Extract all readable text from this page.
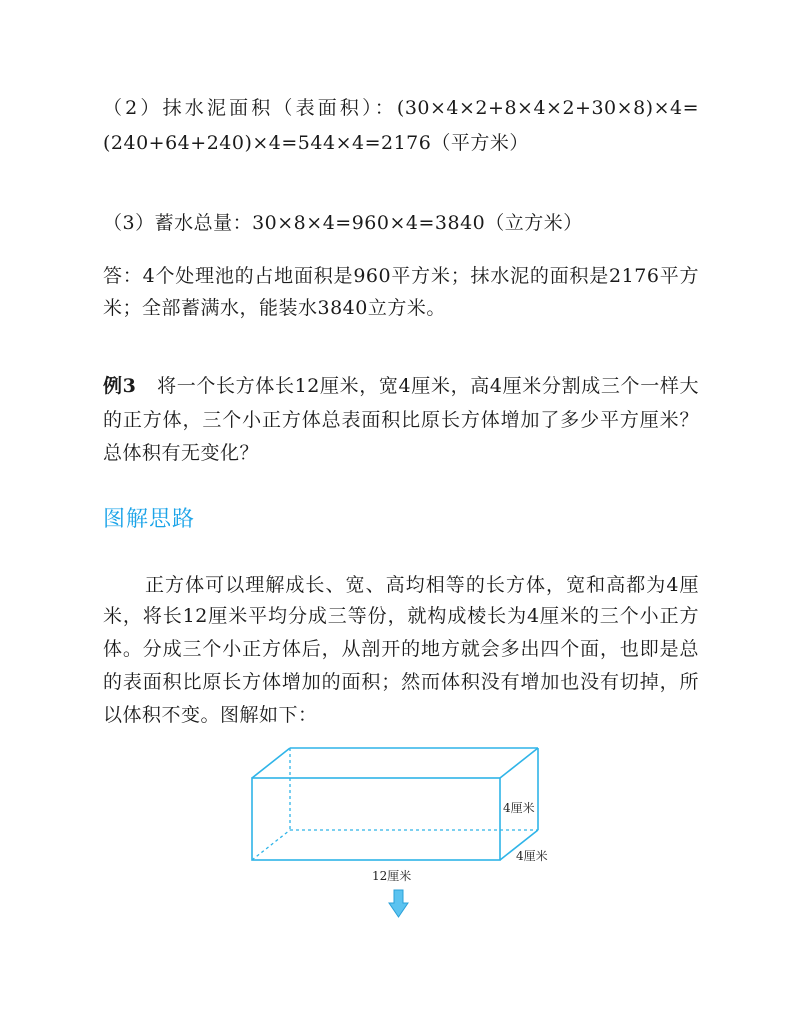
（2）抹水泥面积（表面积）：(30×4×2+8×4×2+30×8)×4=
(240+64+240)×4=544×4=2176（平方米）
（3）蓄水总量：30×8×4=960×4=3840（立方米）
答：4个处理池的占地面积是960平方米；抹水泥的面积是2176平方
米；全部蓄满水，能装水3840立方米。
例3 将一个长方体长12厘米，宽4厘米，高4厘米分割成三个一样大
的正方体，三个小正方体总表面积比原长方体增加了多少平方厘米？
总体积有无变化？
图解思路
正方体可以理解成长、宽、高均相等的长方体，宽和高都为4厘
米，将长12厘米平均分成三等份，就构成棱长为4厘米的三个小正方
体。分成三个小正方体后，从剖开的地方就会多出四个面，也即是总
的表面积比原长方体增加的面积；然而体积没有增加也没有切掉，所
以体积不变。图解如下：
4厘米
4厘米
12厘米
